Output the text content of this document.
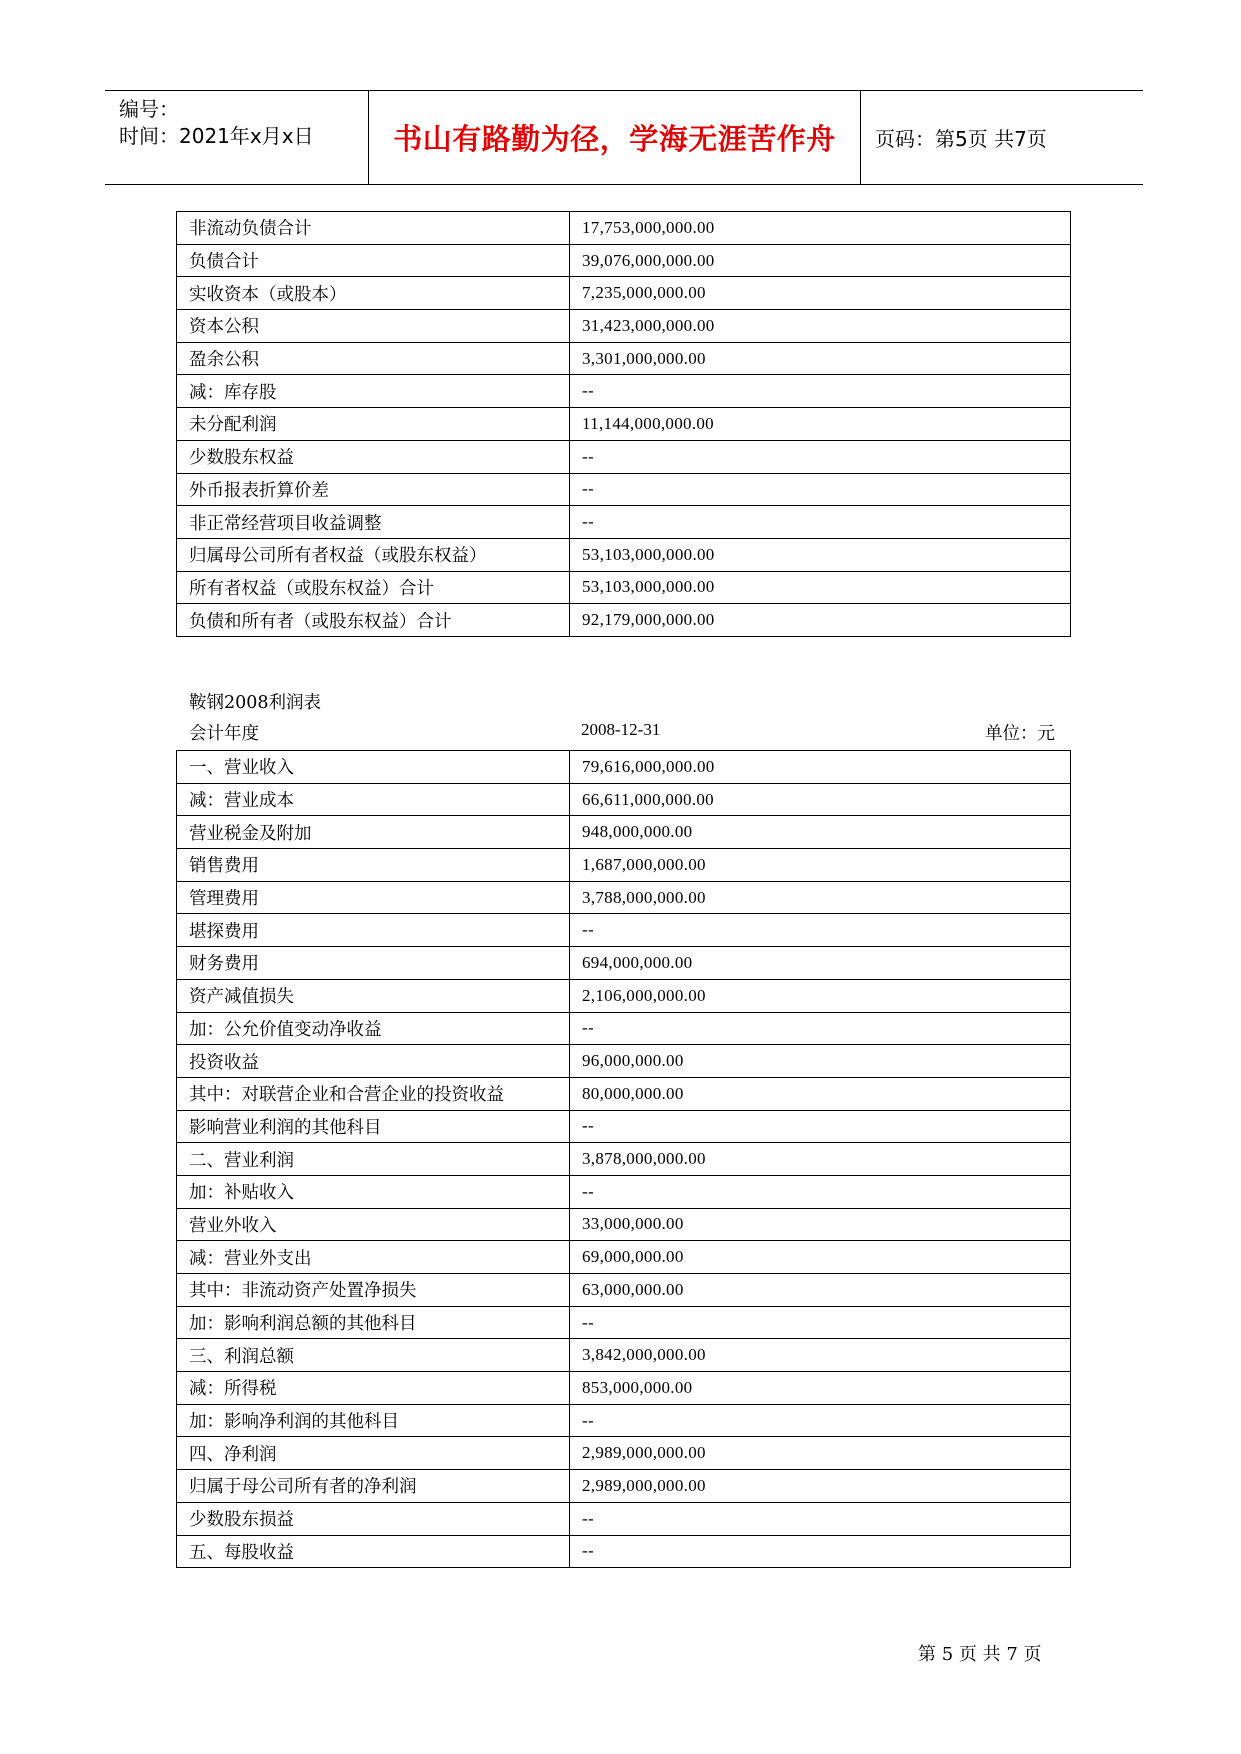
编号：
时间：2021年x月x日	书山有路勤为径，学海无涯苦作舟 页码：第5页 共7页
非流动负债合计	17,753,000,000.00
负债合计	39,076,000,000.00
实收资本（或股本）	7,235,000,000.00
资本公积	31,423,000,000.00
盈余公积	3,301,000,000.00
减：库存股	--
未分配利润	11,144,000,000.00
少数股东权益	--
外币报表折算价差	--
非正常经营项目收益调整	--
归属母公司所有者权益（或股东权益）	53,103,000,000.00
所有者权益（或股东权益）合计	53,103,000,000.00
负债和所有者（或股东权益）合计	92,179,000,000.00
鞍钢2008利润表
会计年度	2008-12-31	单位：元
一、营业收入	79,616,000,000.00
减：营业成本	66,611,000,000.00
营业税金及附加	948,000,000.00
销售费用	1,687,000,000.00
管理费用	3,788,000,000.00
堪探费用	--
财务费用	694,000,000.00
资产减值损失	2,106,000,000.00
加：公允价值变动净收益	--
投资收益	96,000,000.00
其中：对联营企业和合营企业的投资收益	80,000,000.00
影响营业利润的其他科目	--
二、营业利润	3,878,000,000.00
加：补贴收入	--
营业外收入	33,000,000.00
减：营业外支出	69,000,000.00
其中：非流动资产处置净损失	63,000,000.00
加：影响利润总额的其他科目	--
三、利润总额	3,842,000,000.00
减：所得税	853,000,000.00
加：影响净利润的其他科目	--
四、净利润	2,989,000,000.00
归属于母公司所有者的净利润	2,989,000,000.00
少数股东损益	--
五、每股收益	--
第 5 页 共 7 页
